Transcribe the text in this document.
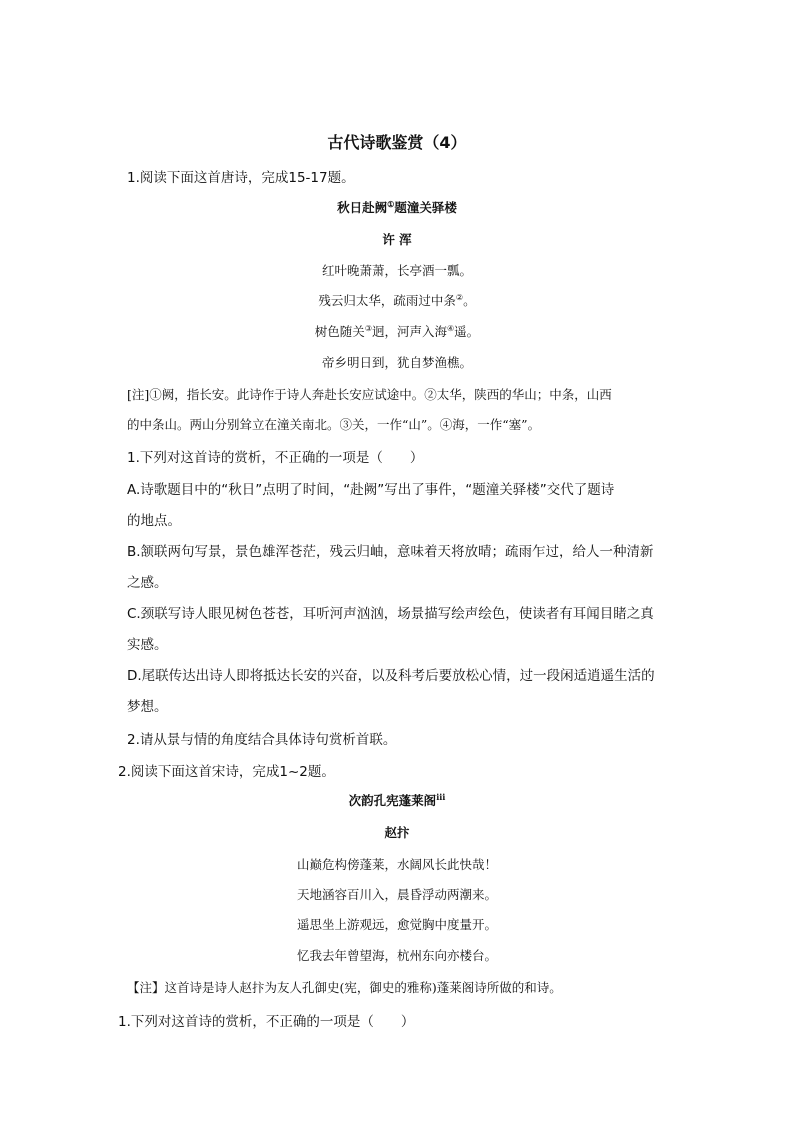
古代诗歌鉴赏（4）
1.阅读下面这首唐诗，完成15-17题。
秋日赴阙①题潼关驿楼
许 浑
红叶晚萧萧，长亭酒一瓢。
残云归太华，疏雨过中条②。
树色随关③迥，河声入海④遥。
帝乡明日到，犹自梦渔樵。
[注]①阙，指长安。此诗作于诗人奔赴长安应试途中。②太华，陕西的华山；中条，山西
的中条山。两山分别耸立在潼关南北。③关，一作“山”。④海，一作“塞”。
1.下列对这首诗的赏析，不正确的一项是（　　）
A.诗歌题目中的“秋日”点明了时间，“赴阙”写出了事件，“题潼关驿楼”交代了题诗
的地点。
B.颔联两句写景，景色雄浑苍茫，残云归岫，意味着天将放晴；疏雨乍过，给人一种清新
之感。
C.颈联写诗人眼见树色苍苍，耳听河声汹汹，场景描写绘声绘色，使读者有耳闻目睹之真
实感。
D.尾联传达出诗人即将抵达长安的兴奋，以及科考后要放松心情，过一段闲适逍遥生活的
梦想。
2.请从景与情的角度结合具体诗句赏析首联。
2.阅读下面这首宋诗，完成1~2题。
次韵孔宪蓬莱阁$^{ⅰⅱ}$
赵抃
山巅危构傍蓬莱，水阔风长此快哉！
天地涵容百川入，晨昏浮动两潮来。
遥思坐上游观远，愈觉胸中度量开。
忆我去年曾望海，杭州东向亦楼台。
【注】这首诗是诗人赵抃为友人孔御史(宪，御史的雅称)蓬莱阁诗所做的和诗。
1.下列对这首诗的赏析，不正确的一项是（　　）
